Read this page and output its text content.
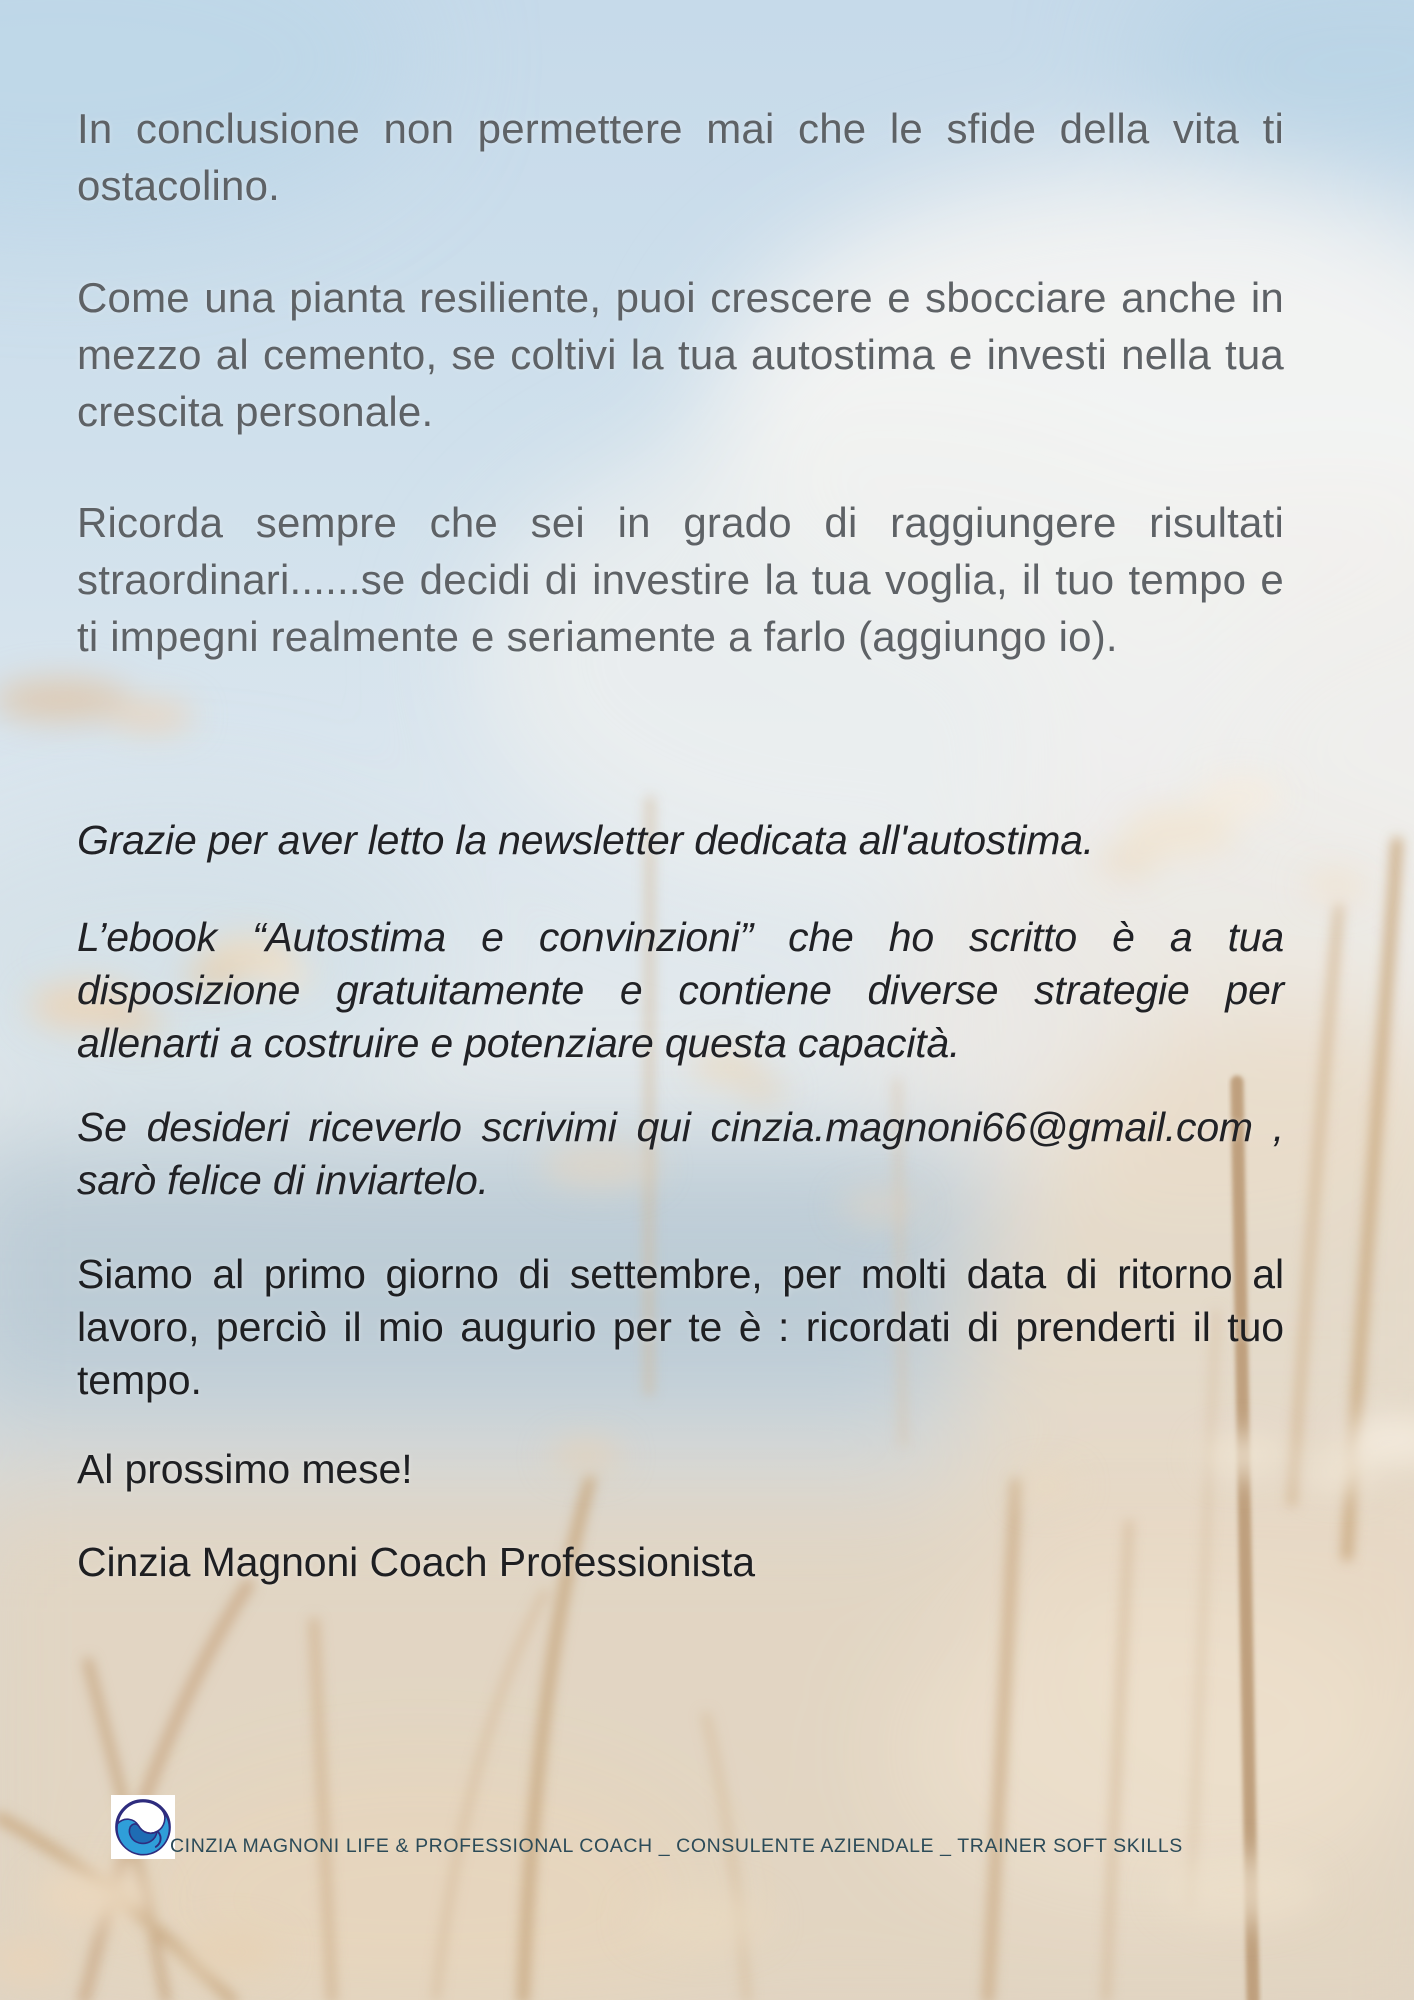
In conclusione non permettere mai che le sfide della vita ti ostacolino.

Come una pianta resiliente, puoi crescere e sbocciare anche in mezzo al cemento, se coltivi la tua autostima e investi nella tua crescita personale.

Ricorda sempre che sei in grado di raggiungere risultati straordinari......se decidi di investire la tua voglia, il tuo tempo e ti impegni realmente e seriamente a farlo (aggiungo io).

Grazie per aver letto la newsletter dedicata all'autostima.

L’ebook “Autostima e convinzioni” che ho scritto è a tua disposizione gratuitamente e contiene diverse strategie per allenarti a costruire e potenziare questa capacità.

Se desideri riceverlo scrivimi qui cinzia.magnoni66@gmail.com , sarò felice di inviartelo.

Siamo al primo giorno di settembre, per molti data di ritorno al lavoro, perciò il mio augurio per te è : ricordati di prenderti il tuo tempo.

Al prossimo mese!

Cinzia Magnoni Coach Professionista

CINZIA MAGNONI LIFE & PROFESSIONAL COACH _ CONSULENTE AZIENDALE _ TRAINER SOFT SKILLS
